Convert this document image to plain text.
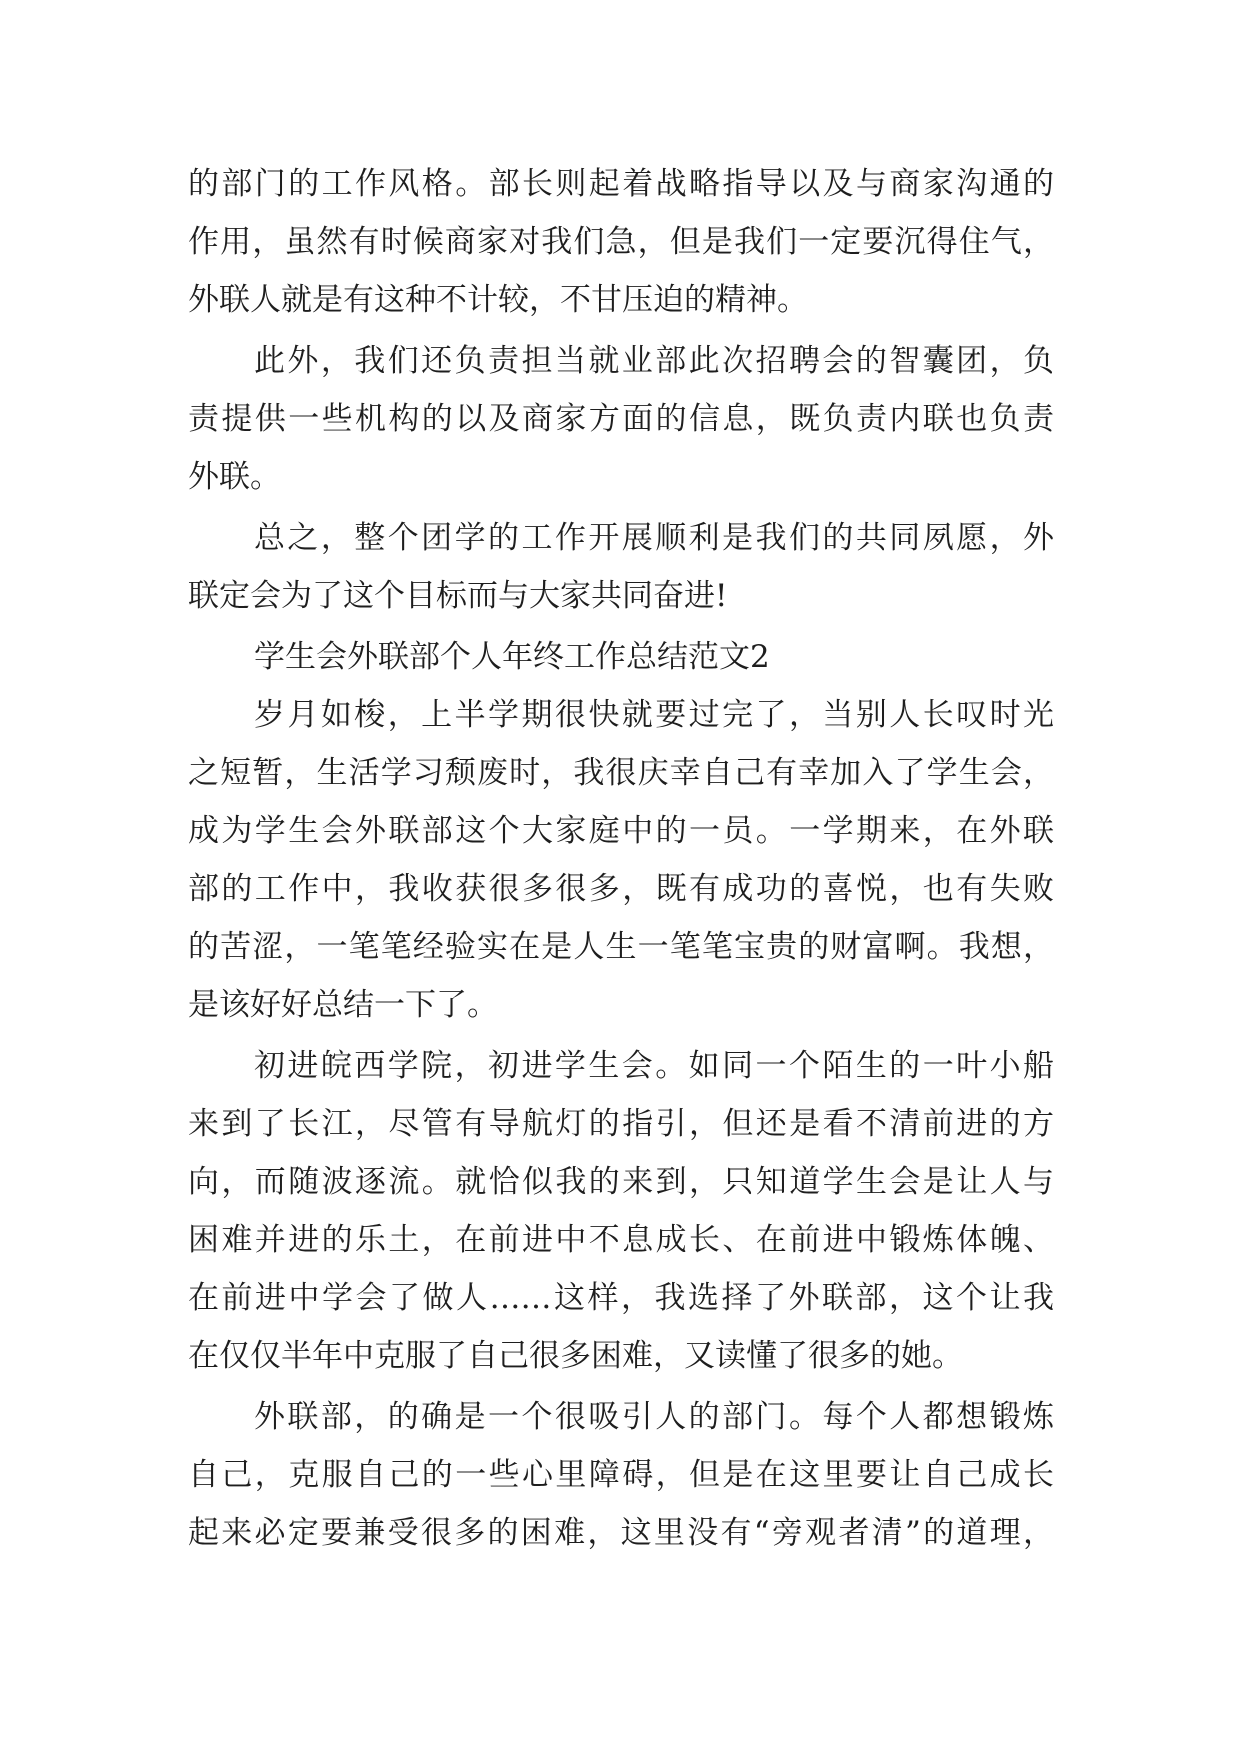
的部门的工作风格。部长则起着战略指导以及与商家沟通的
作用，虽然有时候商家对我们急，但是我们一定要沉得住气，
外联人就是有这种不计较，不甘压迫的精神。
此外，我们还负责担当就业部此次招聘会的智囊团，负
责提供一些机构的以及商家方面的信息，既负责内联也负责
外联。
总之，整个团学的工作开展顺利是我们的共同夙愿，外
联定会为了这个目标而与大家共同奋进!
学生会外联部个人年终工作总结范文2
岁月如梭，上半学期很快就要过完了，当别人长叹时光
之短暂，生活学习颓废时，我很庆幸自己有幸加入了学生会，
成为学生会外联部这个大家庭中的一员。一学期来，在外联
部的工作中，我收获很多很多，既有成功的喜悦，也有失败
的苦涩，一笔笔经验实在是人生一笔笔宝贵的财富啊。我想，
是该好好总结一下了。
初进皖西学院，初进学生会。如同一个陌生的一叶小船
来到了长江，尽管有导航灯的指引，但还是看不清前进的方
向，而随波逐流。就恰似我的来到，只知道学生会是让人与
困难并进的乐土，在前进中不息成长、在前进中锻炼体魄、
在前进中学会了做人……这样，我选择了外联部，这个让我
在仅仅半年中克服了自己很多困难，又读懂了很多的她。
外联部，的确是一个很吸引人的部门。每个人都想锻炼
自己，克服自己的一些心里障碍，但是在这里要让自己成长
起来必定要兼受很多的困难，这里没有“旁观者清”的道理，
